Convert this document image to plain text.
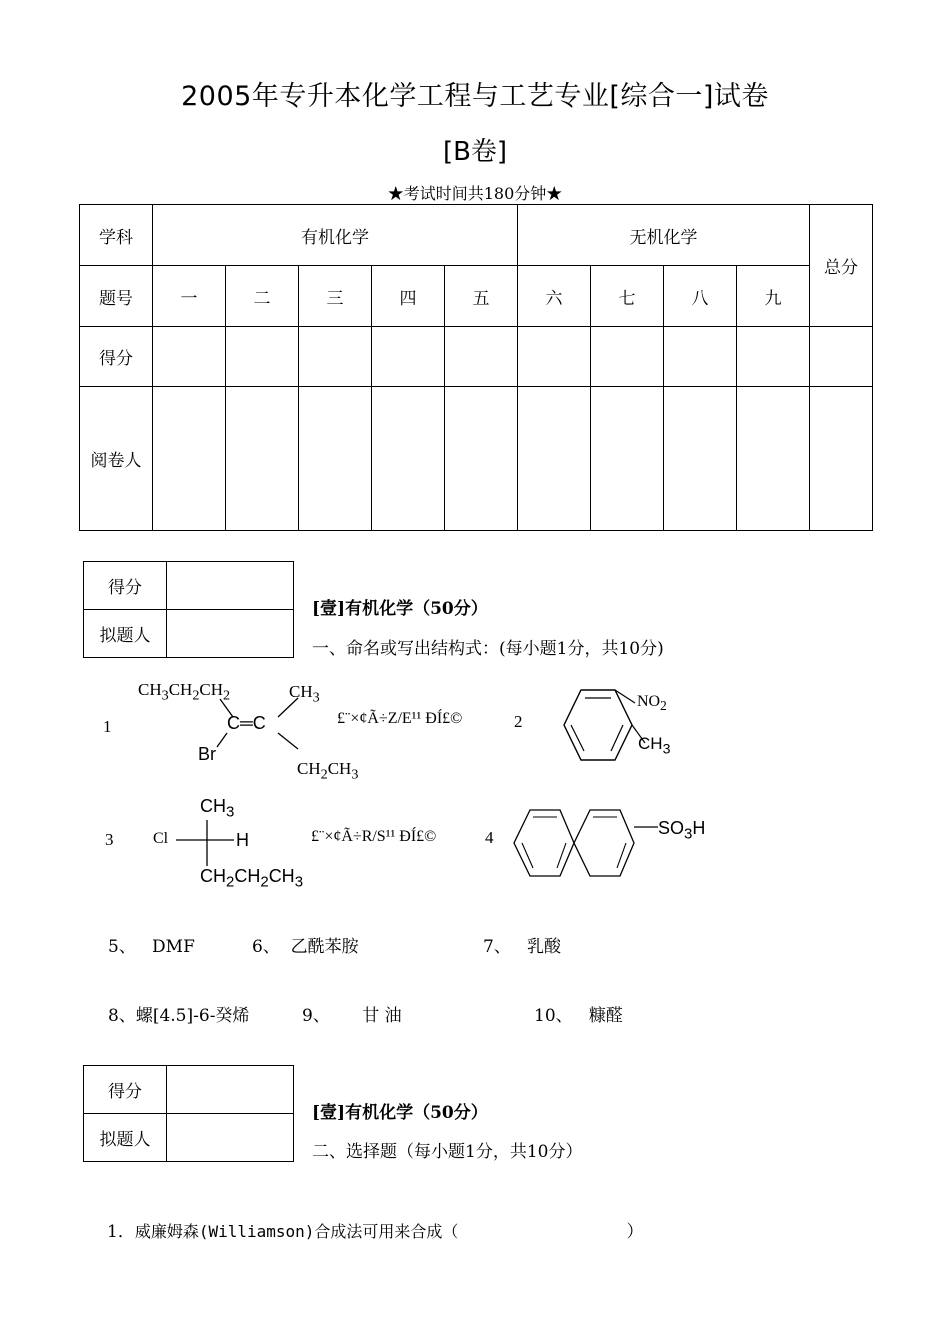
2005年专升本化学工程与工艺专业[综合一]试卷
[B卷]
★考试时间共180分钟★
学科	有机化学					无机化学				总分
题号	一	二	三	四	五	六	七	八	九	
得分										
阅卷人										
得分	
拟题人	
[壹]有机化学（50分）
一、命名或写出结构式：(每小题1分，共10分)
1
$CH_3CH_2CH_2$	$CH_3$
C═C
Br
$CH_2CH_3$
£¨×¢Ã÷Z/E¹¹ ÐÍ£©	2
$NO_2$
$CH_3$
3
$CH_3$
Cl	H
$CH_2CH_2CH_3$
£¨×¢Ã÷R/S¹¹ ÐÍ£©	4	$SO_3H$
5、 DMF	6、 乙酰苯胺	7、 乳酸
8、螺[4.5]-6-癸烯	9、 甘 油	10、 糠醛
得分	
拟题人	
[壹]有机化学（50分）
二、选择题（每小题1分，共10分）
1．威廉姆森(Williamson)合成法可用来合成（	）
